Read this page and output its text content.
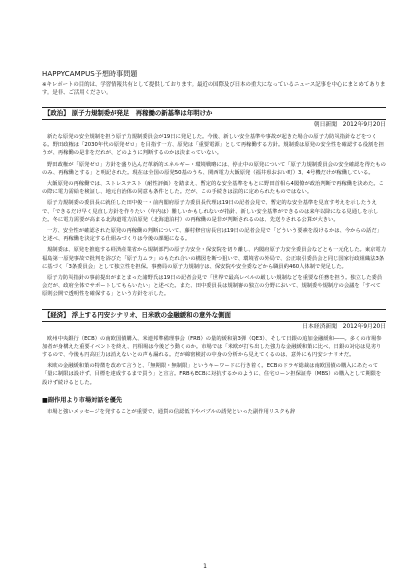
HAPPYCAMPUS予想時事問題
※キレポートの目的は、学習情報共有として提供しております。最近の国際及び日本の重大になっているニュース記事を中心にまとめてあります。是非、ご活用ください。
【政治】 原子力規制委が発足　再稼働の新基準は年明けか
朝日新聞　2012年9月20日

新たな原発の安全規制を担う原子力規制委員会が19日に発足した。今後、新しい安全基準や事故が起きた場合の原子力防災指針などをつくる。野田政権は「2030年代の原発ゼロ」を目指す一方、原発は「重要電源」として再稼働する方針。規制委は原発の安全性を確認する役割を担うが、再稼働の是非をだれが、どのように判断するのかは決まっていない。

野田政権が「原発ゼロ」方針を盛り込んだ革新的エネルギー・環境戦略には、停止中の原発について「原子力規制委員会の安全確認を得たもののみ、再稼働とする」と明記された。現在は全国の原発50基のうち、関西電力大飯原発（福井県おおい町）3、4号機だけが稼働している。

大飯原発の再稼働では、ストレステスト（耐性評価）を踏まえ、暫定的な安全基準をもとに野田首相ら4閣僚が政治判断で再稼働を決めた。この際に電力需給を検証し、地元自治体の同意も条件とした。だが、この手続きは法的に定められたものではない。

原子力規制委の委員長に就任した田中俊一・前内閣府原子力委員長代理は19日の記者会見で、暫定的な安全基準を見直す考えを示したうえで、「できるだけ早く見直し方針を作りたい（年内は）難しいかもしれないが指針、新しい安全基準ができるのは来年以降になる見通しを示した。冬に電力需要が高まる北海道電力泊原発（北海道泊村）の再稼働の是非が判断されるのは、先送りされる公算が大きい。

一方、安全性が確認された原発の再稼働の判断について、藤村修官房長官は19日の記者会見で「どういう要素を設けるかは、今からの話だ」と述べ、再稼働を決定する仕組みづくりは今後の課題になる。

規制委は、原発を推進する経済産業省から規制部門の原子力安全・保安院を切り離し、内閣府原子力安全委員会などとも一元化した。東京電力福島第一原発事故で批判を浴びた「原子力ムラ」のもたれ合いの構図を断つ狙いで、環境省の外局で、公正取引委員会と同じ国家行政組織法3条に基づく「3条委員会」として独立性を担保。事務局の原子力規制庁は、保安院や安全委などから職員約460人体制で発足した。

原子力防災指針の事前提出がまとまった諸野氏は19日の記者会見で「世界で最高レベルの厳しい規制などを重要な任務を担う。独立した委員会だが、政府全体でサポートしてもらいたい」と述べた。また、田中委員長は規制審の独立の分野において、規制委や規制庁の会議を「すべて原則公開で透明性を確保する」という方針を示した。

【経済】 浮上する円安シナリオ、日米欧の金融緩和の意外な側面
日本経済新聞　2012年9月20日

欧州中央銀行（ECB）の南欧国債購入、米連邦準備理事会（FRB）の量的緩和第3弾（QE3）、そして日銀の追加金融緩和――。多くの市場参加者が身構えた重要イベントを終え、円相場は今後どう動くのか。市場では「米欧が打ち出した強力な金融緩和策に比べ、日銀の対応は見劣りするので、今後も円高圧力は消えないとの声も漏れる。だが綿密検討の中身の分析から見えてくるのは、意外にも円安シナリオだ。

米欧の金融緩和策の特徴を改めて言うと、「無期限・無制限」というキーワードに行き着く。ECBのドラギ総裁は南欧国債の購入にあたって「量に制限は設けず、目標を達成するまで買う」と宣言。FRBもECBに対抗するかのように、住宅ローン担保証券（MBS）の購入として期限を設けず続けるとした。

■副作用より市場対話を優先

市場と強いメッセージを発することが重要で、通貨の信認低下やバブルの誘発といった副作用リスクも辞

1
